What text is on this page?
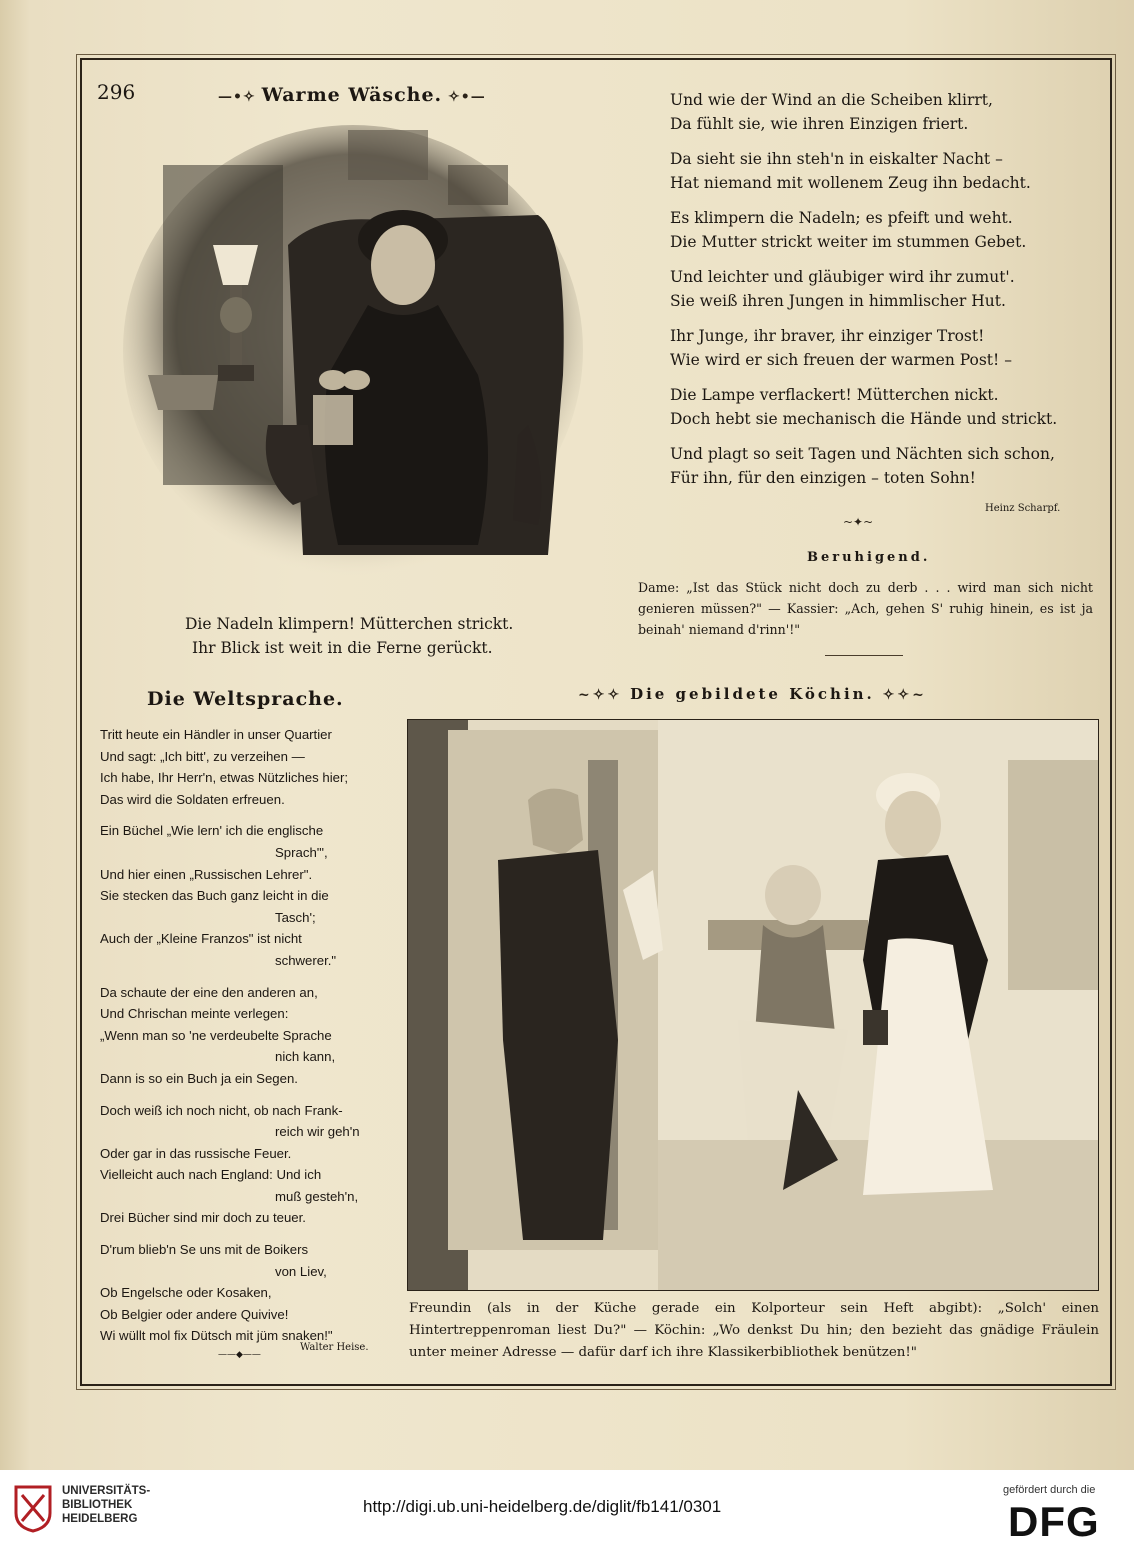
296	—•✧ Warme Wäsche. ✧•—
Die Nadeln klimpern! Mütterchen strickt.
Ihr Blick ist weit in die Ferne gerückt.
Und wie der Wind an die Scheiben klirrt,
Da fühlt sie, wie ihren Einzigen friert.
Da sieht sie ihn steh'n in eiskalter Nacht –
Hat niemand mit wollenem Zeug ihn bedacht.
Es klimpern die Nadeln; es pfeift und weht.
Die Mutter strickt weiter im stummen Gebet.
Und leichter und gläubiger wird ihr zumut'.
Sie weiß ihren Jungen in himmlischer Hut.
Ihr Junge, ihr braver, ihr einziger Trost!
Wie wird er sich freuen der warmen Post! –
Die Lampe verflackert! Mütterchen nickt.
Doch hebt sie mechanisch die Hände und strickt.
Und plagt so seit Tagen und Nächten sich schon,
Für ihn, für den einzigen – toten Sohn!
Heinz Scharpf.
~✦~
Beruhigend.
Dame: „Ist das Stück nicht doch zu derb . . . wird man sich nicht genieren müssen?" — Kassier: „Ach, gehen S' ruhig hinein, es ist ja beinah' niemand d'rinn'!"
Die Weltsprache.
Tritt heute ein Händler in unser Quartier
Und sagt: „Ich bitt', zu verzeihen —
Ich habe, Ihr Herr'n, etwas Nützliches hier;
Das wird die Soldaten erfreuen.
Ein Büchel „Wie lern' ich die englische
Sprach'",
Und hier einen „Russischen Lehrer".
Sie stecken das Buch ganz leicht in die
Tasch';
Auch der „Kleine Franzos" ist nicht
schwerer."
Da schaute der eine den anderen an,
Und Chrischan meinte verlegen:
„Wenn man so 'ne verdeubelte Sprache
nich kann,
Dann is so ein Buch ja ein Segen.
Doch weiß ich noch nicht, ob nach Frank-
reich wir geh'n
Oder gar in das russische Feuer.
Vielleicht auch nach England: Und ich
muß gesteh'n,
Drei Bücher sind mir doch zu teuer.
D'rum blieb'n Se uns mit de Boikers
von Liev,
Ob Engelsche oder Kosaken,
Ob Belgier oder andere Quivive!
Wi wüllt mol fix Dütsch mit jüm snaken!"
——◆——
Walter Heise.
~✧✧ Die gebildete Köchin. ✧✧~
Freundin (als in der Küche gerade ein Kolporteur sein Heft abgibt): „Solch' einen Hintertreppenroman liest Du?" — Köchin: „Wo denkst Du hin; den bezieht das gnädige Fräulein unter meiner Adresse — dafür darf ich ihre Klassikerbibliothek benützen!"
UNIVERSITÄTS-
BIBLIOTHEK
HEIDELBERG
http://digi.ub.uni-heidelberg.de/diglit/fb141/0301
gefördert durch die
DFG
